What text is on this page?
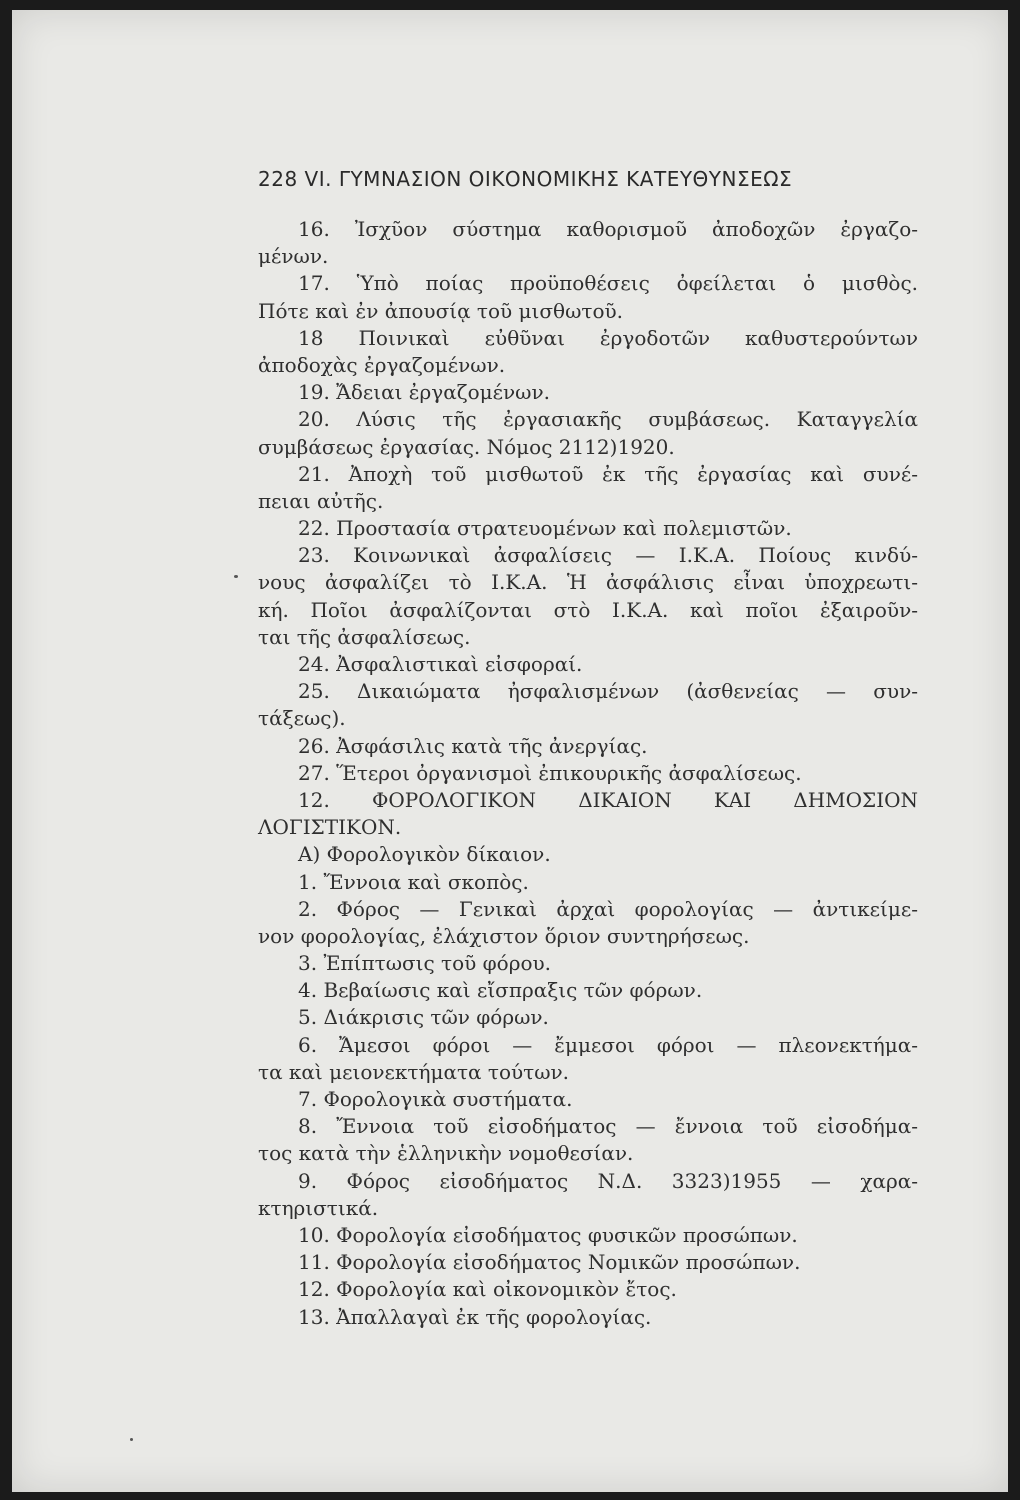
228 VI. ΓΥΜΝΑΣΙΟΝ ΟΙΚΟΝΟΜΙΚΗΣ ΚΑΤΕΥΘΥΝΣΕΩΣ
16. Ἰσχῦον σύστημα καθορισμοῦ ἀποδοχῶν ἐργαζο-
μένων.
17. Ὑπὸ ποίας προϋποθέσεις ὀφείλεται ὁ μισθὸς.
Πότε καὶ ἐν ἀπουσίᾳ τοῦ μισθωτοῦ.
18 Ποινικαὶ εὐθῦναι ἐργοδοτῶν καθυστερούντων
ἀποδοχὰς ἐργαζομένων.
19. Ἄδειαι ἐργαζομένων.
20. Λύσις τῆς ἐργασιακῆς συμβάσεως. Καταγγελία
συμβάσεως ἐργασίας. Νόμος 2112)1920.
21. Ἀποχὴ τοῦ μισθωτοῦ ἐκ τῆς ἐργασίας καὶ συνέ-
πειαι αὐτῆς.
22. Προστασία στρατευομένων καὶ πολεμιστῶν.
23. Κοινωνικαὶ ἀσφαλίσεις — Ι.Κ.Α. Ποίους κινδύ-
νους ἀσφαλίζει τὸ Ι.Κ.Α. Ἡ ἀσφάλισις εἶναι ὑποχρεωτι-
κή. Ποῖοι ἀσφαλίζονται στὸ Ι.Κ.Α. καὶ ποῖοι ἐξαιροῦν-
ται τῆς ἀσφαλίσεως.
24. Ἀσφαλιστικαὶ εἰσφοραί.
25. Δικαιώματα ἠσφαλισμένων (ἀσθενείας — συν-
τάξεως).
26. Ἀσφάσιλις κατὰ τῆς ἀνεργίας.
27. Ἕτεροι ὀργανισμοὶ ἐπικουρικῆς ἀσφαλίσεως.
12. ΦΟΡΟΛΟΓΙΚΟΝ ΔΙΚΑΙΟΝ ΚΑΙ ΔΗΜΟΣΙΟΝ
ΛΟΓΙΣΤΙΚΟΝ.
Α) Φορολογικὸν δίκαιον.
1. Ἔννοια καὶ σκοπὸς.
2. Φόρος — Γενικαὶ ἀρχαὶ φορολογίας — ἀντικείμε-
νον φορολογίας, ἐλάχιστον ὅριον συντηρήσεως.
3. Ἐπίπτωσις τοῦ φόρου.
4. Βεβαίωσις καὶ εἴσπραξις τῶν φόρων.
5. Διάκρισις τῶν φόρων.
6. Ἄμεσοι φόροι — ἔμμεσοι φόροι — πλεονεκτήμα-
τα καὶ μειονεκτήματα τούτων.
7. Φορολογικὰ συστήματα.
8. Ἔννοια τοῦ εἰσοδήματος — ἔννοια τοῦ εἰσοδήμα-
τος κατὰ τὴν ἑλληνικὴν νομοθεσίαν.
9. Φόρος εἰσοδήματος Ν.Δ. 3323)1955 — χαρα-
κτηριστικά.
10. Φορολογία εἰσοδήματος φυσικῶν προσώπων.
11. Φορολογία εἰσοδήματος Νομικῶν προσώπων.
12. Φορολογία καὶ οἰκονομικὸν ἔτος.
13. Ἀπαλλαγαὶ ἐκ τῆς φορολογίας.
